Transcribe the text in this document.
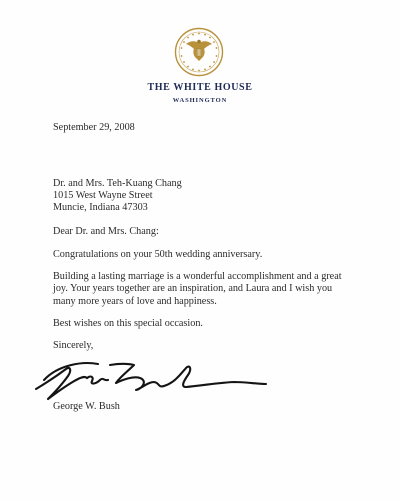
THE WHITE HOUSE
WASHINGTON
September 29, 2008
Dr. and Mrs. Teh-Kuang Chang
1015 West Wayne Street
Muncie, Indiana 47303
Dear Dr. and Mrs. Chang:
Congratulations on your 50th wedding anniversary.
Building a lasting marriage is a wonderful accomplishment and a great
joy. Your years together are an inspiration, and Laura and I wish you
many more years of love and happiness.
Best wishes on this special occasion.
Sincerely,
George W. Bush
